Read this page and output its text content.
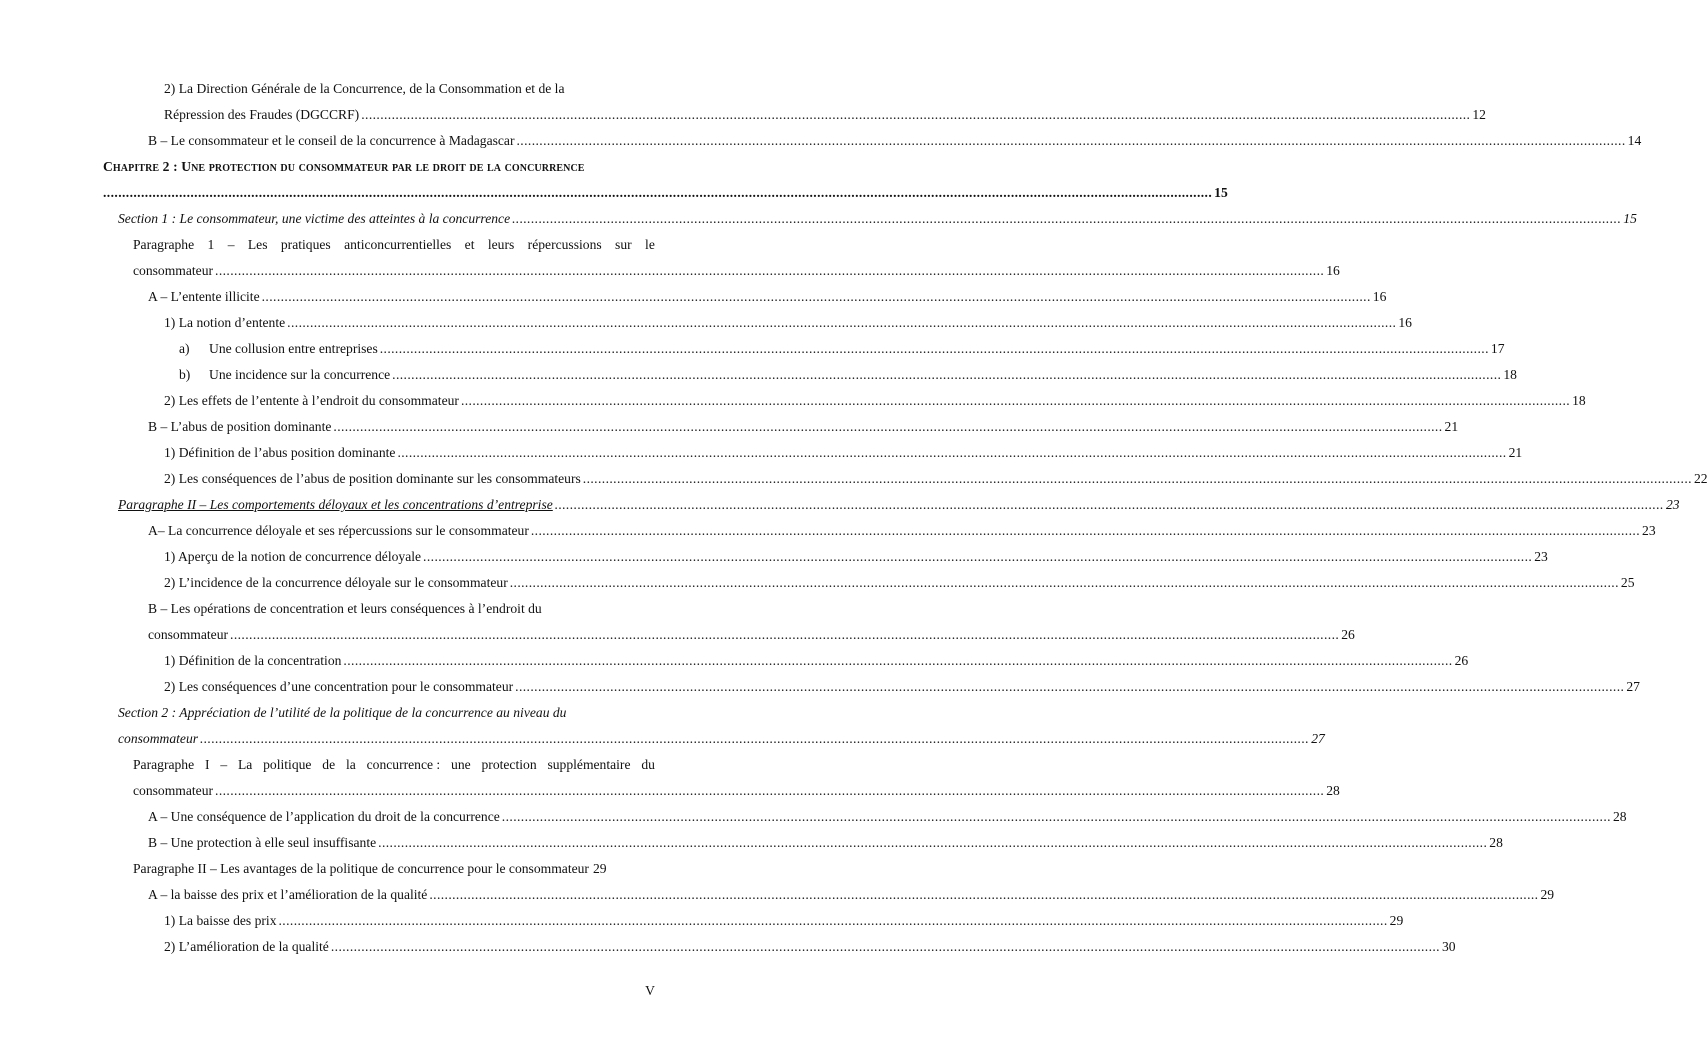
2) La Direction Générale de la Concurrence, de la Consommation et de la
Répression des Fraudes (DGCCRF) .....	12
B – Le consommateur et le conseil de la concurrence à Madagascar .....	14
Chapitre 2 : Une protection du consommateur par le droit de la concurrence
.....
15
Section 1 : Le consommateur, une victime des atteintes à la concurrence .....	15
Paragraphe 1 – Les pratiques anticoncurrentielles et leurs répercussions sur le
consommateur .....	16
A – L’entente illicite .....	16
1) La notion d’entente .....	16
a) Une collusion entre entreprises .....	17
b) Une incidence sur la concurrence .....	18
2) Les effets de l’entente à l’endroit du consommateur .....	18
B – L’abus de position dominante .....	21
1) Définition de l’abus position dominante .....	21
2) Les conséquences de l’abus de position dominante sur les consommateurs .....	22
Paragraphe II – Les comportements déloyaux et les concentrations d’entreprise .....	23
A– La concurrence déloyale et ses répercussions sur le consommateur .....	23
1) Aperçu de la notion de concurrence déloyale .....	23
2) L’incidence de la concurrence déloyale sur le consommateur .....	25
B – Les opérations de concentration et leurs conséquences à l’endroit du
consommateur .....	26
1) Définition de la concentration .....	26
2) Les conséquences d’une concentration pour le consommateur .....	27
Section 2 : Appréciation de l’utilité de la politique de la concurrence au niveau du
consommateur .....	27
Paragraphe I – La politique de la concurrence : une protection supplémentaire du
consommateur .....	28
A – Une conséquence de l’application du droit de la concurrence .....	28
B – Une protection à elle seul insuffisante .....	28
Paragraphe II – Les avantages de la politique de concurrence pour le consommateur 29
A – la baisse des prix et l’amélioration de la qualité .....	29
1) La baisse des prix .....	29
2) L’amélioration de la qualité .....	30
V
